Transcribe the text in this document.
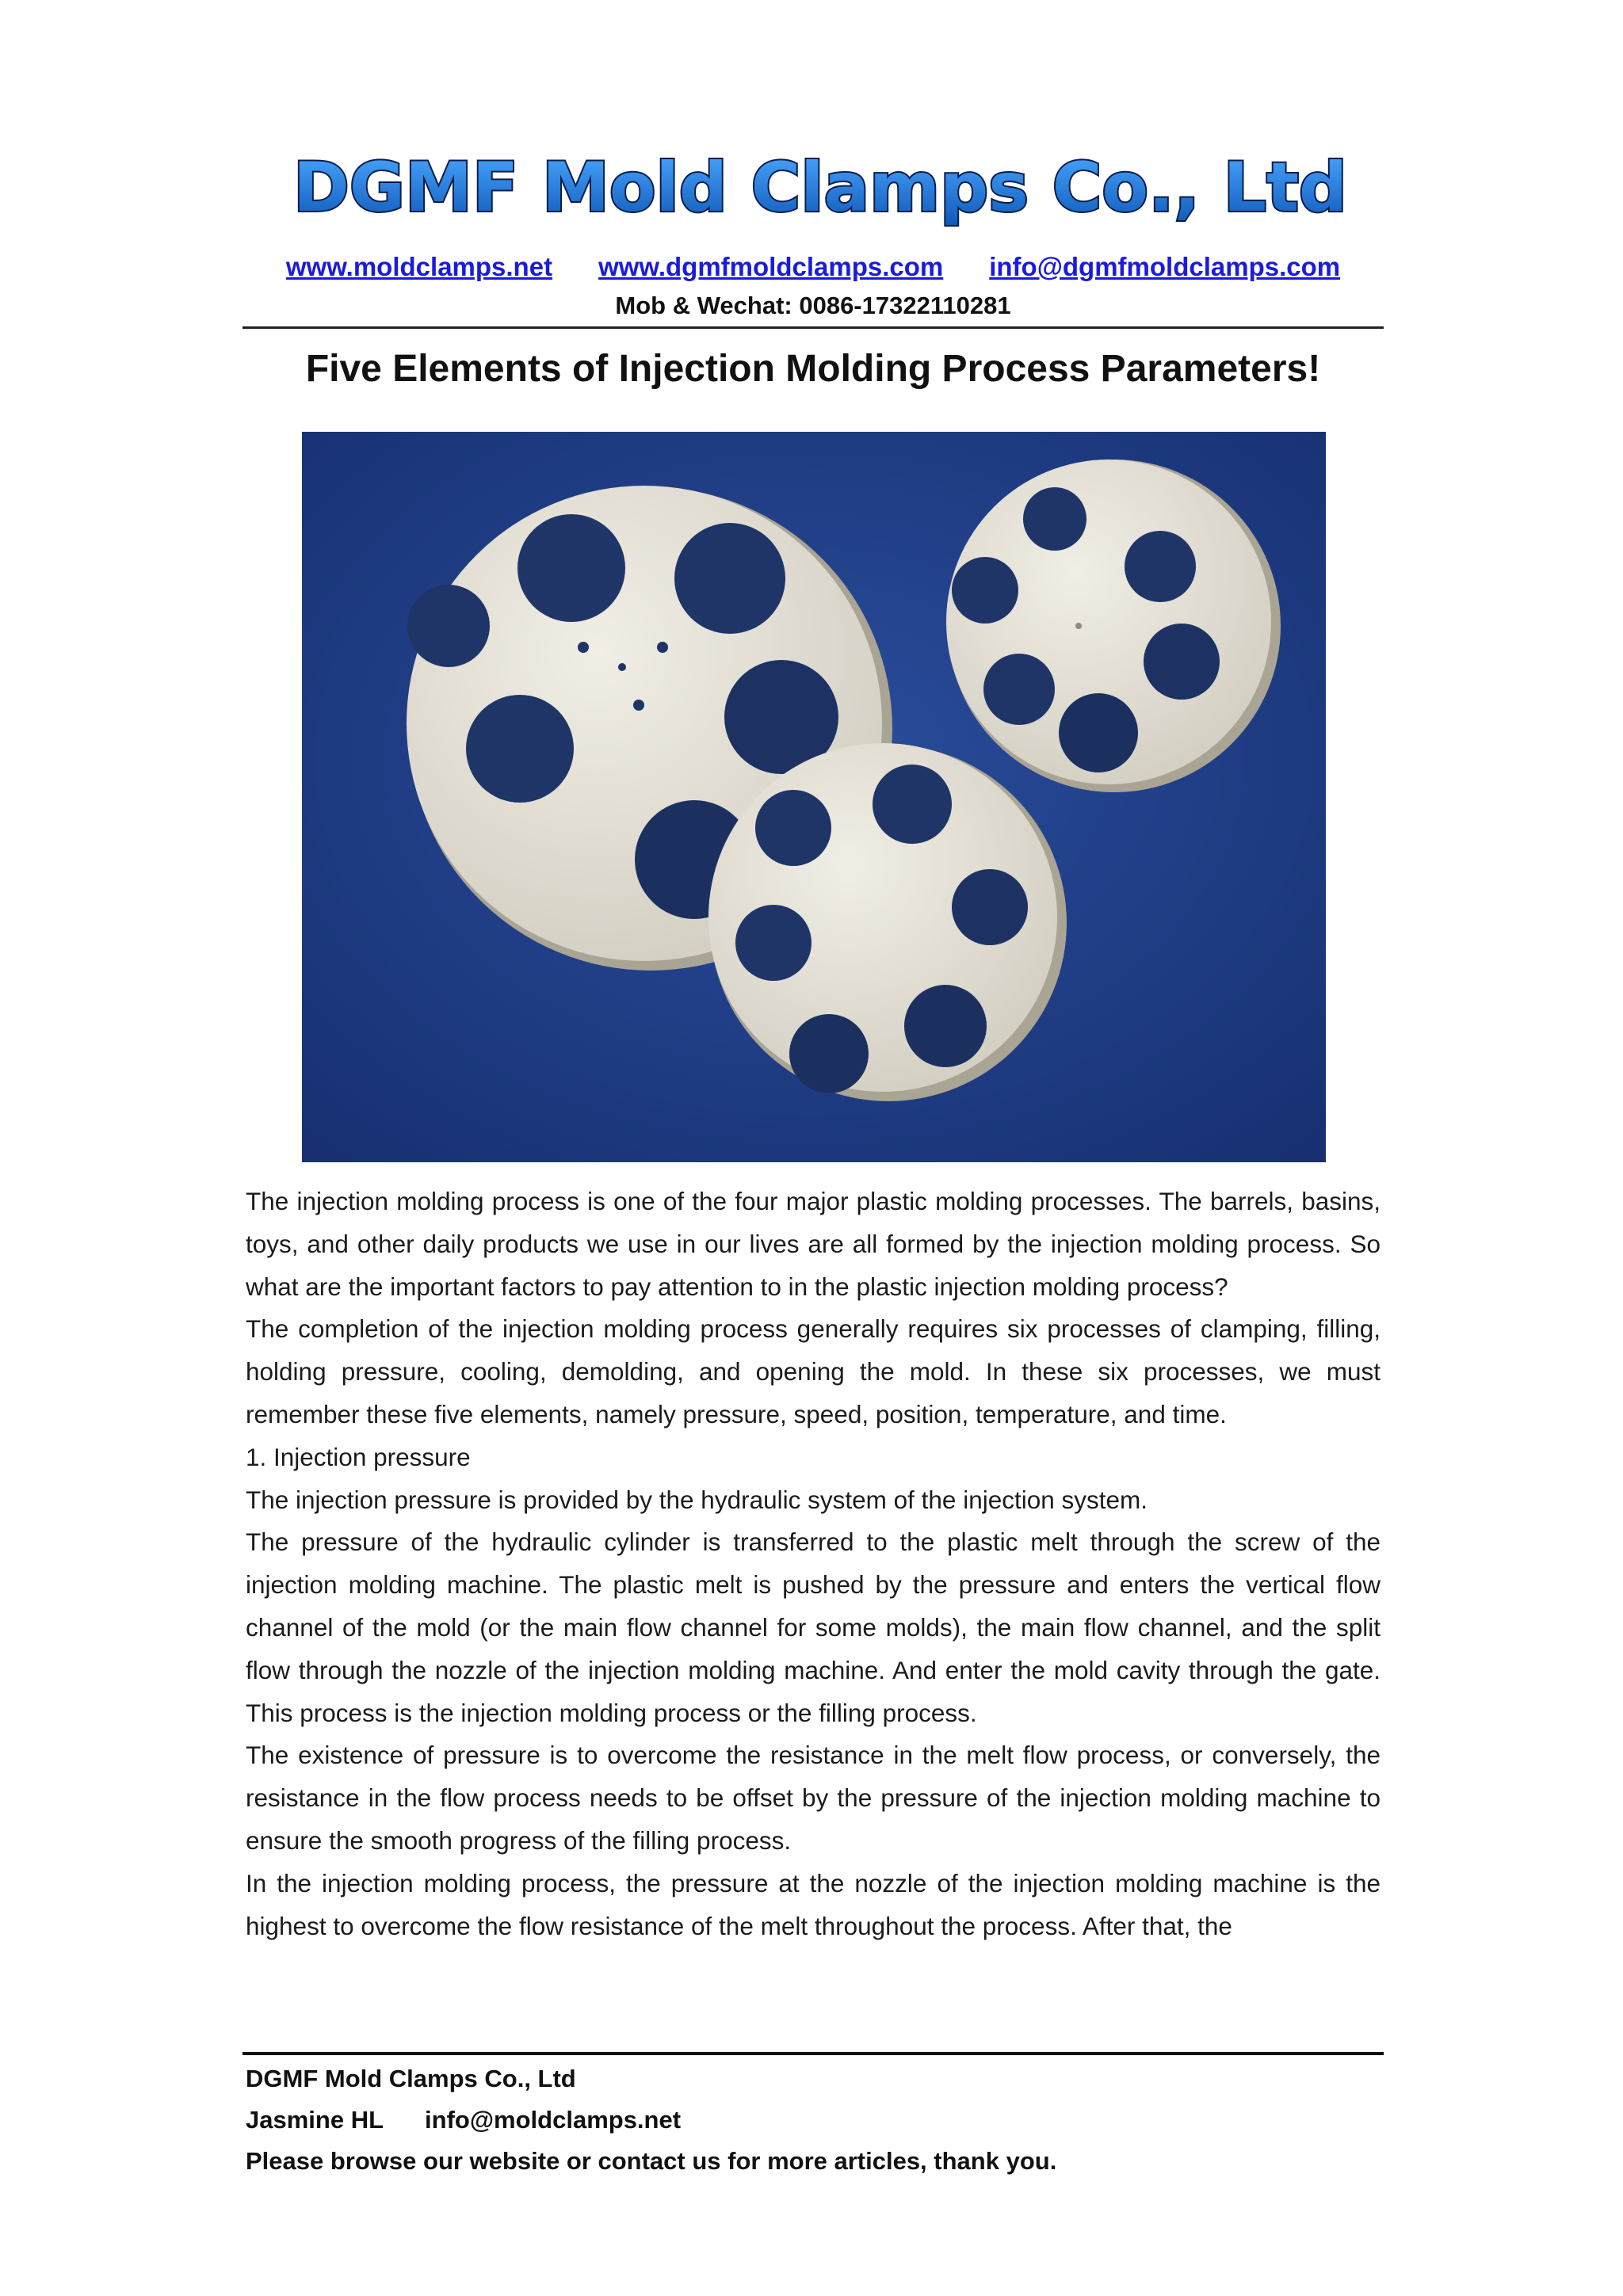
DGMF Mold Clamps Co., Ltd
www.moldclamps.net www.dgmfmoldclamps.com info@dgmfmoldclamps.com
Mob & Wechat: 0086-17322110281
Five Elements of Injection Molding Process Parameters!

The injection molding process is one of the four major plastic molding processes. The barrels, basins, toys, and other daily products we use in our lives are all formed by the injection molding process. So what are the important factors to pay attention to in the plastic injection molding process?

The completion of the injection molding process generally requires six processes of clamping, filling, holding pressure, cooling, demolding, and opening the mold. In these six processes, we must remember these five elements, namely pressure, speed, position, temperature, and time.

1. Injection pressure

The injection pressure is provided by the hydraulic system of the injection system.

The pressure of the hydraulic cylinder is transferred to the plastic melt through the screw of the injection molding machine. The plastic melt is pushed by the pressure and enters the vertical flow channel of the mold (or the main flow channel for some molds), the main flow channel, and the split flow through the nozzle of the injection molding machine. And enter the mold cavity through the gate. This process is the injection molding process or the filling process.

The existence of pressure is to overcome the resistance in the melt flow process, or conversely, the resistance in the flow process needs to be offset by the pressure of the injection molding machine to ensure the smooth progress of the filling process.

In the injection molding process, the pressure at the nozzle of the injection molding machine is the highest to overcome the flow resistance of the melt throughout the process. After that, the

DGMF Mold Clamps Co., Ltd
Jasmine HL info@moldclamps.net
Please browse our website or contact us for more articles, thank you.
